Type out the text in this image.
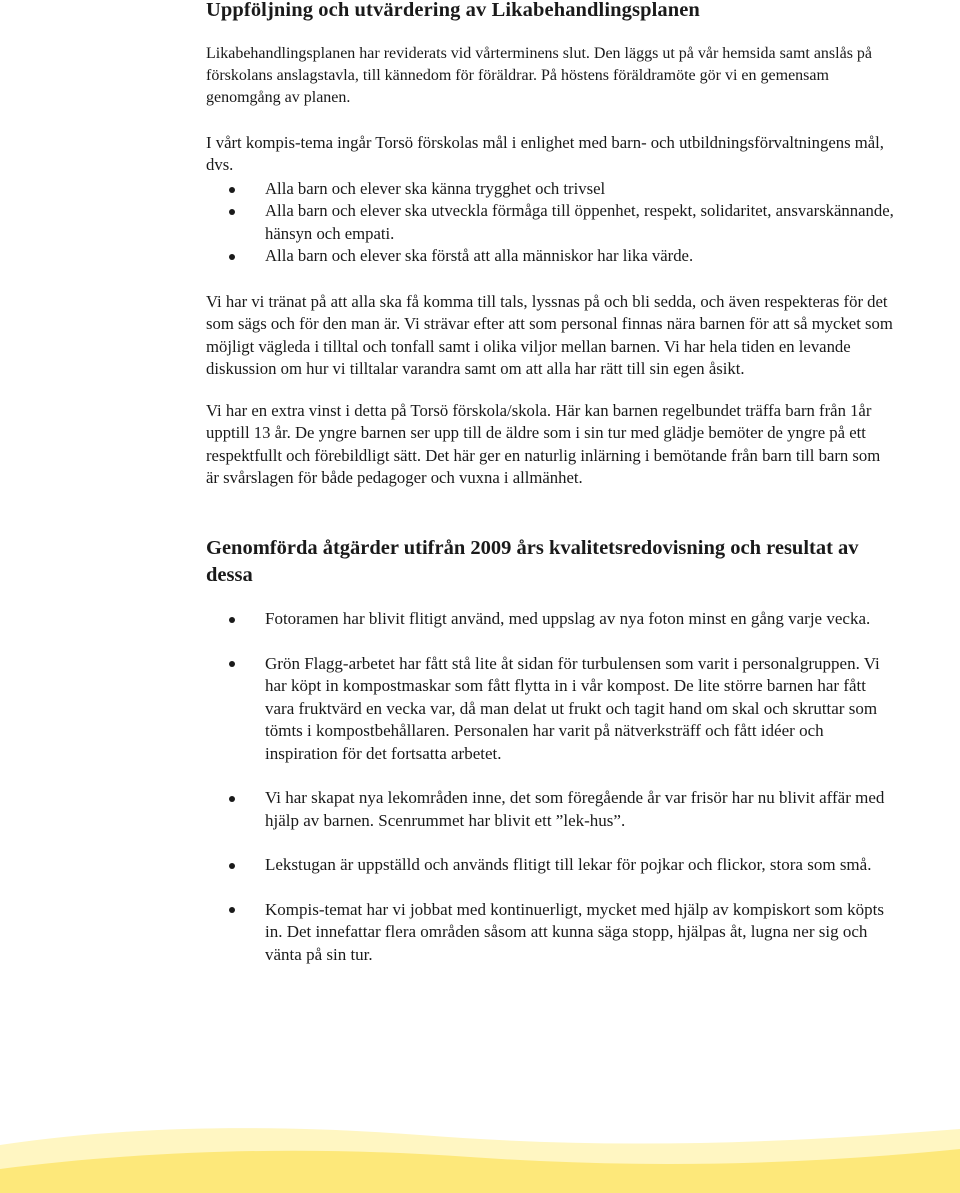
Uppföljning och utvärdering av Likabehandlingsplanen

Likabehandlingsplanen har reviderats vid vårterminens slut. Den läggs ut på vår hemsida samt anslås på förskolans anslagstavla, till kännedom för föräldrar. På höstens föräldramöte gör vi en gemensam genomgång av planen.

I vårt kompis-tema ingår Torsö förskolas mål i enlighet med barn- och utbildningsförvaltningens mål, dvs.

Alla barn och elever ska känna trygghet och trivsel
Alla barn och elever ska utveckla förmåga till öppenhet, respekt, solidaritet, ansvarskännande, hänsyn och empati.
Alla barn och elever ska förstå att alla människor har lika värde.

Vi har vi tränat på att alla ska få komma till tals, lyssnas på och bli sedda, och även respekteras för det som sägs och för den man är. Vi strävar efter att som personal finnas nära barnen för att så mycket som möjligt vägleda i tilltal och tonfall samt i olika viljor mellan barnen. Vi har hela tiden en levande diskussion om hur vi tilltalar varandra samt om att alla har rätt till sin egen åsikt.

Vi har en extra vinst i detta på Torsö förskola/skola. Här kan barnen regelbundet träffa barn från 1år upptill 13 år. De yngre barnen ser upp till de äldre som i sin tur med glädje bemöter de yngre på ett respektfullt och förebildligt sätt. Det här ger en naturlig inlärning i bemötande från barn till barn som är svårslagen för både pedagoger och vuxna i allmänhet.

Genomförda åtgärder utifrån 2009 års kvalitetsredovisning och resultat av dessa
Fotoramen har blivit flitigt använd, med uppslag av nya foton minst en gång varje vecka.
Grön Flagg-arbetet har fått stå lite åt sidan för turbulensen som varit i personalgruppen. Vi har köpt in kompostmaskar som fått flytta in i vår kompost. De lite större barnen har fått vara fruktvärd en vecka var, då man delat ut frukt och tagit hand om skal och skruttar som tömts i kompostbehållaren. Personalen har varit på nätverksträff och fått idéer och inspiration för det fortsatta arbetet.
Vi har skapat nya lekområden inne, det som föregående år var frisör har nu blivit affär med hjälp av barnen. Scenrummet har blivit ett ”lek-hus”.
Lekstugan är uppställd och används flitigt till lekar för pojkar och flickor, stora som små.
Kompis-temat har vi jobbat med kontinuerligt, mycket med hjälp av kompiskort som köpts in. Det innefattar flera områden såsom att kunna säga stopp, hjälpas åt, lugna ner sig och vänta på sin tur.
